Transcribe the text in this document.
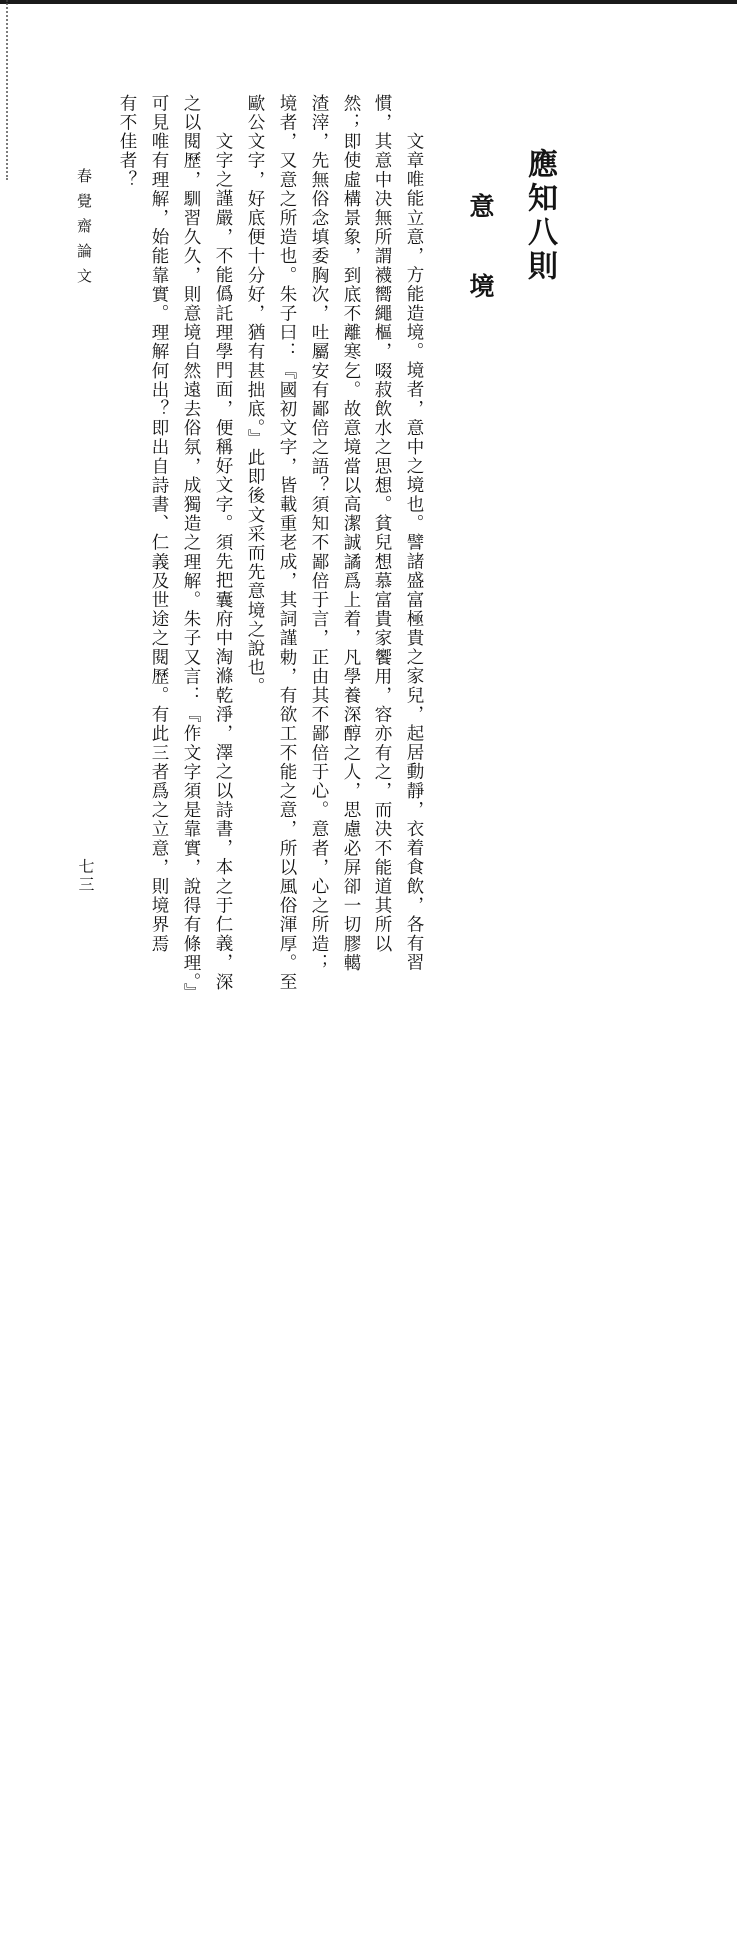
應知八則
意境
文章唯能立意，方能造境。境者，意中之境也。譬諸盛富極貴之家兒，起居動靜，衣着食飲，各有習
慣，其意中决無所謂襪嚮繩樞，啜菽飲水之思想。貧兒想慕富貴家饗用，容亦有之，而决不能道其所以
然；即使虛構景象，到底不離寒乞。故意境當以高潔誠譎爲上着，凡學養深醇之人，思慮必屏卻一切膠轕
渣滓，先無俗念填委胸次，吐屬安有鄙倍之語？須知不鄙倍于言，正由其不鄙倍于心。意者，心之所造；
境者，又意之所造也。朱子曰：『國初文字，皆載重老成，其詞謹勅，有欲工不能之意，所以風俗渾厚。至
歐公文字，好底便十分好，猶有甚拙底。』此即後文采而先意境之說也。
文字之謹嚴，不能僞託理學門面，便稱好文字。須先把囊府中淘滌乾淨，澤之以詩書，本之于仁義，深
之以閱歷，馴習久久，則意境自然遠去俗氛，成獨造之理解。朱子又言：『作文字須是靠實，說得有條理。』
可見唯有理解，始能靠實。理解何出？即出自詩書、仁義及世途之閱歷。有此三者爲之立意，則境界焉
有不佳者？
春覺齋論文
七三
